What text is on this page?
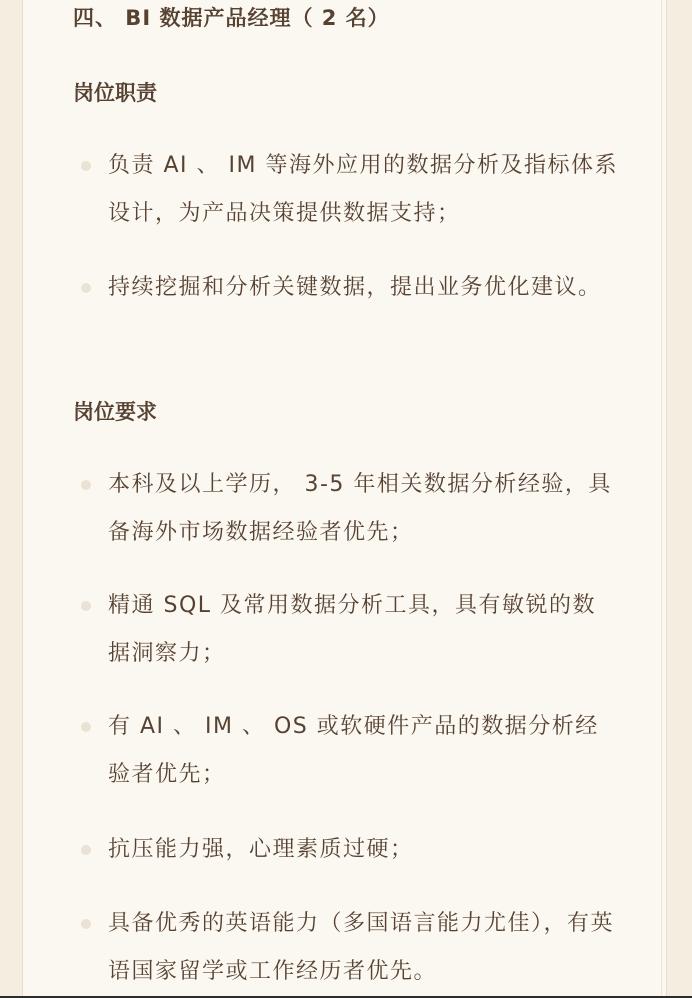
四、 BI 数据产品经理（ 2 名）
岗位职责
负责 AI 、 IM 等海外应用的数据分析及指标体系设计，为产品决策提供数据支持；
持续挖掘和分析关键数据，提出业务优化建议。
岗位要求
本科及以上学历， 3-5 年相关数据分析经验，具备海外市场数据经验者优先；
精通 SQL 及常用数据分析工具，具有敏锐的数据洞察力；
有 AI 、 IM 、 OS 或软硬件产品的数据分析经验者优先；
抗压能力强，心理素质过硬；
具备优秀的英语能力（多国语言能力尤佳），有英语国家留学或工作经历者优先。
